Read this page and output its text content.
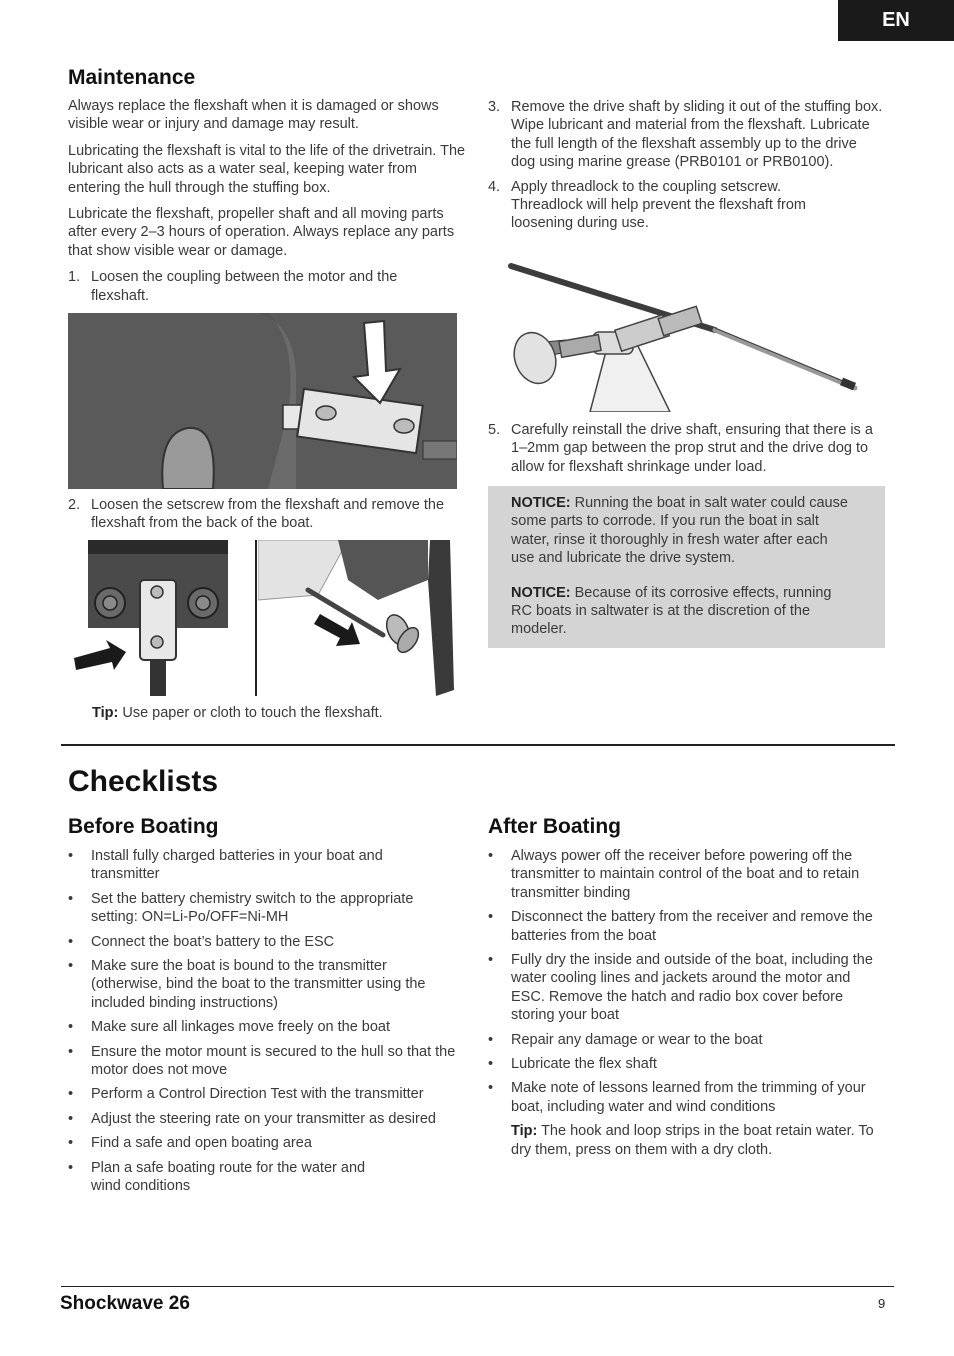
EN
Maintenance

Always replace the flexshaft when it is damaged or shows visible wear or injury and damage may result.

Lubricating the flexshaft is vital to the life of the drivetrain. The lubricant also acts as a water seal, keeping water from entering the hull through the stuffing box.

Lubricate the flexshaft, propeller shaft and all moving parts after every 2–3 hours of operation. Always replace any parts that show visible wear or damage.

1. Loosen the coupling between the motor and the flexshaft.
2. Loosen the setscrew from the flexshaft and remove the flexshaft from the back of the boat.
Tip: Use paper or cloth to touch the flexshaft.
3. Remove the drive shaft by sliding it out of the stuffing box. Wipe lubricant and material from the flexshaft. Lubricate the full length of the flexshaft assembly up to the drive dog using marine grease (PRB0101 or PRB0100).
4. Apply threadlock to the coupling setscrew. Threadlock will help prevent the flexshaft from loosening during use.
5. Carefully reinstall the drive shaft, ensuring that there is a 1–2mm gap between the prop strut and the drive dog to allow for flexshaft shrinkage under load.

NOTICE: Running the boat in salt water could cause some parts to corrode. If you run the boat in salt water, rinse it thoroughly in fresh water after each use and lubricate the drive system.

NOTICE: Because of its corrosive effects, running RC boats in saltwater is at the discretion of the modeler.

Checklists
Before Boating
•	Install fully charged batteries in your boat and transmitter
•	Set the battery chemistry switch to the appropriate setting: ON=Li-Po/OFF=Ni-MH
•	Connect the boat’s battery to the ESC
•	Make sure the boat is bound to the transmitter (otherwise, bind the boat to the transmitter using the included binding instructions)
•	Make sure all linkages move freely on the boat
•	Ensure the motor mount is secured to the hull so that the motor does not move
•	Perform a Control Direction Test with the transmitter
•	Adjust the steering rate on your transmitter as desired
•	Find a safe and open boating area
•	Plan a safe boating route for the water and wind conditions
After Boating
•	Always power off the receiver before powering off the transmitter to maintain control of the boat and to retain transmitter binding
•	Disconnect the battery from the receiver and remove the batteries from the boat
•	Fully dry the inside and outside of the boat, including the water cooling lines and jackets around the motor and ESC. Remove the hatch and radio box cover before storing your boat
•	Repair any damage or wear to the boat
•	Lubricate the flex shaft
•	Make note of lessons learned from the trimming of your boat, including water and wind conditions
Tip: The hook and loop strips in the boat retain water. To dry them, press on them with a dry cloth.
Shockwave 26	9
